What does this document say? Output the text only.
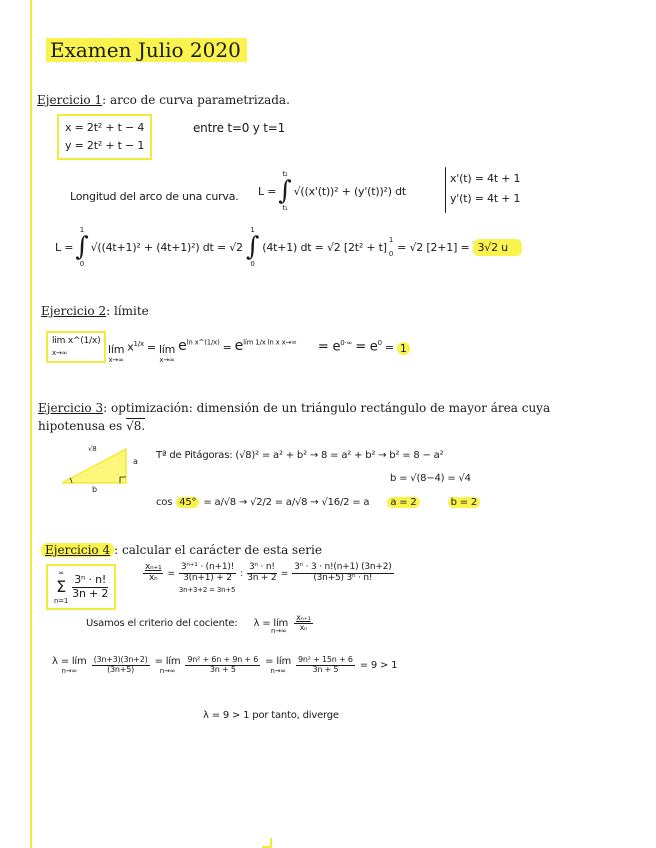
Examen Julio 2020
Ejercicio 1: arco de curva parametrizada.
x = 2t² + t − 4
y = 2t² + t − 1
entre t=0 y t=1
Longitud del arco de una curva. L =
t₂
∫
t₁
√((x'(t))² + (y'(t))²) dt
x'(t) = 4t + 1
y'(t) = 4t + 1
L =
1
∫
0
√((4t+1)² + (4t+1)²) dt = √2
1
∫
0
(4t+1) dt = √2 [2t² + t]
1
0
= √2 [2+1] = 3√2 u
Ejercicio 2: límite
lim x^(1/x)
x→∞	lím
x→∞
$x^{1/x}$ = lím
x→∞
$e^{ln x\^{}(1/x)} = e^{lím 1/x ln x x\to\infty} = e^{0\cdot\infty} = e^0 = 1$
Ejercicio 3: optimización: dimensión de un triángulo rectángulo de mayor área cuya
hipotenusa es √8.
√8
a
b
Tª de Pitágoras: (√8)² = a² + b² → 8 = a² + b² → b² = 8 − a²
b = √(8−4) = √4
cos 45° = a/√8 → √2/2 = a/√8 → √16/2 = a	a = 2	b = 2
Ejercicio 4 : calcular el carácter de esta serie
∞
Σ
n=1
$\frac{\text{3ⁿ · n!}}{3n + 2}$
$\frac{\text{xₙ₊₁}}{\text{xₙ}} = \frac{\text{3ⁿ⁺¹ · (n+1)!}}{3(n+1) + 2}$
3n+3+2 = 3n+5
: $\frac{\text{3ⁿ · n!}}{3n + 2} = \frac{\text{3ⁿ · 3 · n!(n+1) (3n+2)}}{\text{(3n+5) 3ⁿ · n!}}$
Usamos el criterio del cociente: λ = lím $\frac{\text{xₙ₊₁}}{\text{xₙ}}$
n→∞
λ = lím
$n\to\infty \frac{(3n+3)(3n+2)}{(3n+5)}$ = lím
$n\to\infty \frac{\text{9n² + 6n + 9n + 6}}{3n + 5}$ = lím
$n\to\infty \frac{\text{9n² + 15n + 6}}{3n + 5} = 9 > 1$
λ = 9 > 1 por tanto, diverge
